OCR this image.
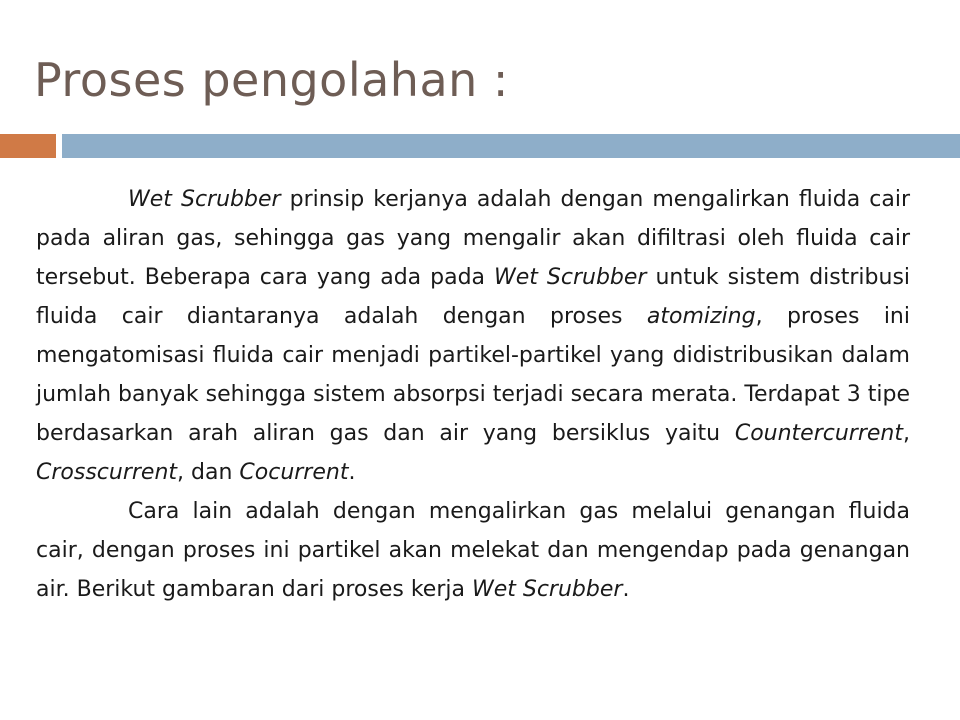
Proses pengolahan :

Wet Scrubber prinsip kerjanya adalah dengan mengalirkan fluida cair pada aliran gas, sehingga gas yang mengalir akan difiltrasi oleh fluida cair tersebut. Beberapa cara yang ada pada Wet Scrubber untuk sistem distribusi fluida cair diantaranya adalah dengan proses atomizing, proses ini mengatomisasi fluida cair menjadi partikel-partikel yang didistribusikan dalam jumlah banyak sehingga sistem absorpsi terjadi secara merata. Terdapat 3 tipe berdasarkan arah aliran gas dan air yang bersiklus yaitu Countercurrent, Crosscurrent, dan Cocurrent.

Cara lain adalah dengan mengalirkan gas melalui genangan fluida cair, dengan proses ini partikel akan melekat dan mengendap pada genangan air. Berikut gambaran dari proses kerja Wet Scrubber.
